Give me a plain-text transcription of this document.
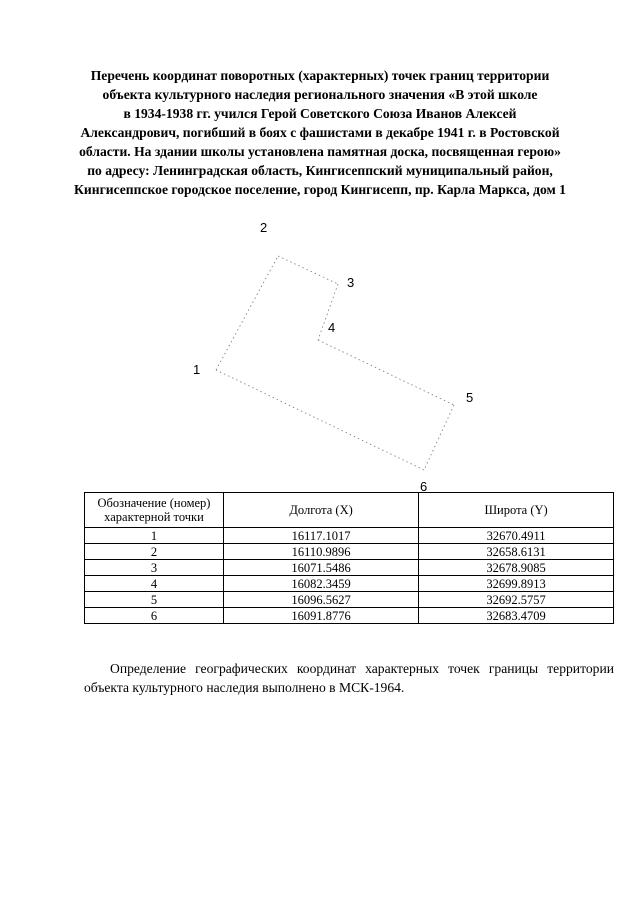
Перечень координат поворотных (характерных) точек границ территории
объекта культурного наследия регионального значения «В этой школе
в 1934-1938 гг. учился Герой Советского Союза Иванов Алексей
Александрович, погибший в боях с фашистами в декабре 1941 г. в Ростовской
области. На здании школы установлена памятная доска, посвященная герою»
по адресу: Ленинградская область, Кингисеппский муниципальный район,
Кингисеппское городское поселение, город Кингисепп, пр. Карла Маркса, дом 1
1
2
3
4
5
6
Обозначение (номер) характерной точки	Долгота (X)	Широта (Y)
1	16117.1017	32670.4911
2	16110.9896	32658.6131
3	16071.5486	32678.9085
4	16082.3459	32699.8913
5	16096.5627	32692.5757
6	16091.8776	32683.4709

Определение географических координат характерных точек границы территории объекта культурного наследия выполнено в МСК-1964.
